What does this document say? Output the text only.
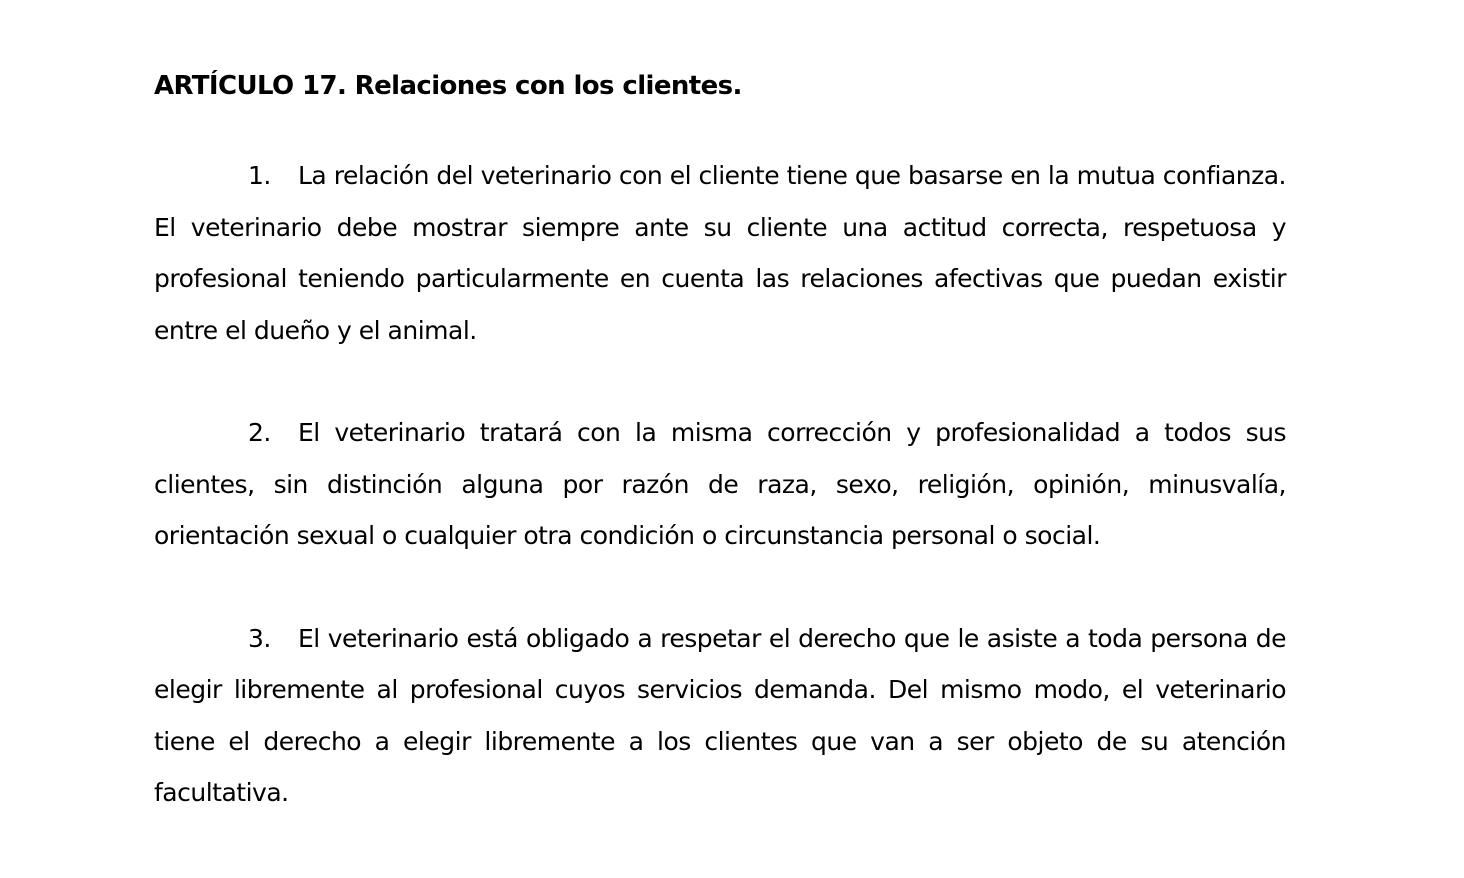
ARTÍCULO 17. Relaciones con los clientes.

1. La relación del veterinario con el cliente tiene que basarse en la mutua confianza. El veterinario debe mostrar siempre ante su cliente una actitud correcta, respetuosa y profesional teniendo particularmente en cuenta las relaciones afectivas que puedan existir entre el dueño y el animal.

2. El veterinario tratará con la misma corrección y profesionalidad a todos sus clientes, sin distinción alguna por razón de raza, sexo, religión, opinión, minusvalía, orientación sexual o cualquier otra condición o circunstancia personal o social.

3. El veterinario está obligado a respetar el derecho que le asiste a toda persona de elegir libremente al profesional cuyos servicios demanda. Del mismo modo, el veterinario tiene el derecho a elegir libremente a los clientes que van a ser objeto de su atención facultativa.
